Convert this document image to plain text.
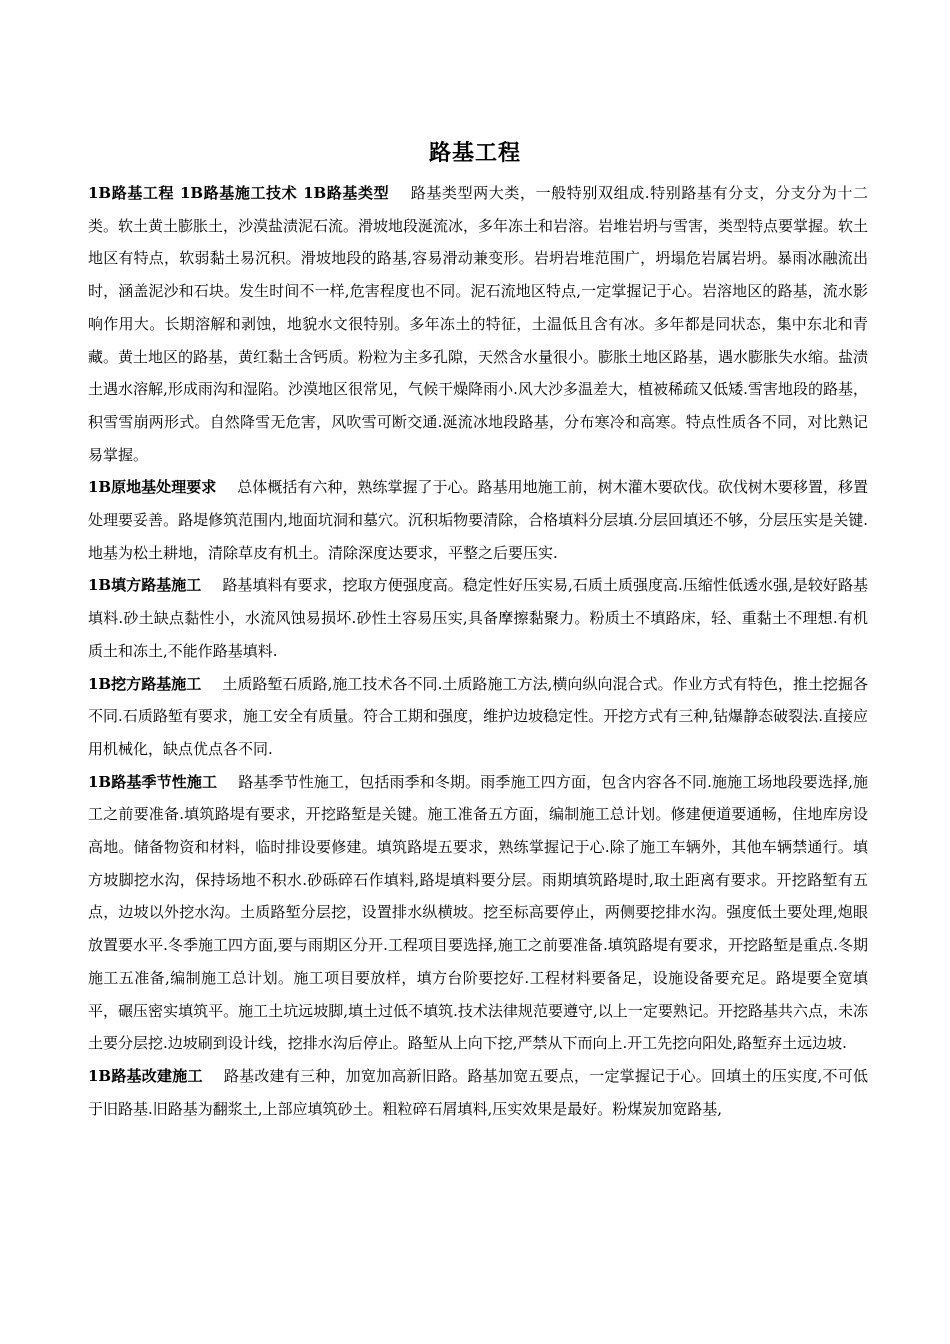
路基工程

1B路基工程 1B路基施工技术 1B路基类型 路基类型两大类，一般特别双组成.特别路基有分支，分支分为十二类。软土黄土膨胀土，沙漠盐渍泥石流。滑坡地段涎流冰，多年冻土和岩溶。岩堆岩坍与雪害，类型特点要掌握。软土地区有特点，软弱黏土易沉积。滑坡地段的路基,容易滑动兼变形。岩坍岩堆范围广，坍塌危岩属岩坍。暴雨冰融流出时，涵盖泥沙和石块。发生时间不一样,危害程度也不同。泥石流地区特点,一定掌握记于心。岩溶地区的路基，流水影响作用大。长期溶解和剥蚀，地貌水文很特别。多年冻土的特征，土温低且含有冰。多年都是同状态，集中东北和青藏。黄土地区的路基，黄红黏土含钙质。粉粒为主多孔隙，天然含水量很小。膨胀土地区路基，遇水膨胀失水缩。盐渍土遇水溶解,形成雨沟和湿陷。沙漠地区很常见，气候干燥降雨小.风大沙多温差大，植被稀疏又低矮.雪害地段的路基，积雪雪崩两形式。自然降雪无危害，风吹雪可断交通.涎流冰地段路基，分布寒冷和高寒。特点性质各不同，对比熟记易掌握。

1B原地基处理要求 总体概括有六种，熟练掌握了于心。路基用地施工前，树木灌木要砍伐。砍伐树木要移置，移置处理要妥善。路堤修筑范围内,地面坑洞和墓穴。沉积垢物要清除，合格填料分层填.分层回填还不够，分层压实是关键.地基为松土耕地，清除草皮有机土。清除深度达要求，平整之后要压实.

1B填方路基施工 路基填料有要求，挖取方便强度高。稳定性好压实易,石质土质强度高.压缩性低透水强,是较好路基填料.砂土缺点黏性小，水流风蚀易损坏.砂性土容易压实,具备摩擦黏聚力。粉质土不填路床，轻、重黏土不理想.有机质土和冻土,不能作路基填料.

1B挖方路基施工 土质路堑石质路,施工技术各不同.土质路施工方法,横向纵向混合式。作业方式有特色，推土挖掘各不同.石质路堑有要求，施工安全有质量。符合工期和强度，维护边坡稳定性。开挖方式有三种,钻爆静态破裂法.直接应用机械化，缺点优点各不同.

1B路基季节性施工 路基季节性施工，包括雨季和冬期。雨季施工四方面，包含内容各不同.施施工场地段要选择,施工之前要准备.填筑路堤有要求，开挖路堑是关键。施工准备五方面，编制施工总计划。修建便道要通畅，住地库房设高地。储备物资和材料，临时排设要修建。填筑路堤五要求，熟练掌握记于心.除了施工车辆外，其他车辆禁通行。填方坡脚挖水沟，保持场地不积水.砂砾碎石作填料,路堤填料要分层。雨期填筑路堤时,取土距离有要求。开挖路堑有五点，边坡以外挖水沟。土质路堑分层挖，设置排水纵横坡。挖至标高要停止，两侧要挖排水沟。强度低土要处理,炮眼放置要水平.冬季施工四方面,要与雨期区分开.工程项目要选择,施工之前要准备.填筑路堤有要求，开挖路堑是重点.冬期施工五准备,编制施工总计划。施工项目要放样，填方台阶要挖好.工程材料要备足，设施设备要充足。路堤要全宽填平，碾压密实填筑平。施工土坑远坡脚,填土过低不填筑.技术法律规范要遵守,以上一定要熟记。开挖路基共六点，未冻土要分层挖.边坡刷到设计线，挖排水沟后停止。路堑从上向下挖,严禁从下而向上.开工先挖向阳处,路堑弃土远边坡.

1B路基改建施工 路基改建有三种，加宽加高新旧路。路基加宽五要点，一定掌握记于心。回填土的压实度,不可低于旧路基.旧路基为翻浆土,上部应填筑砂土。粗粒碎石屑填料,压实效果是最好。粉煤炭加宽路基,
